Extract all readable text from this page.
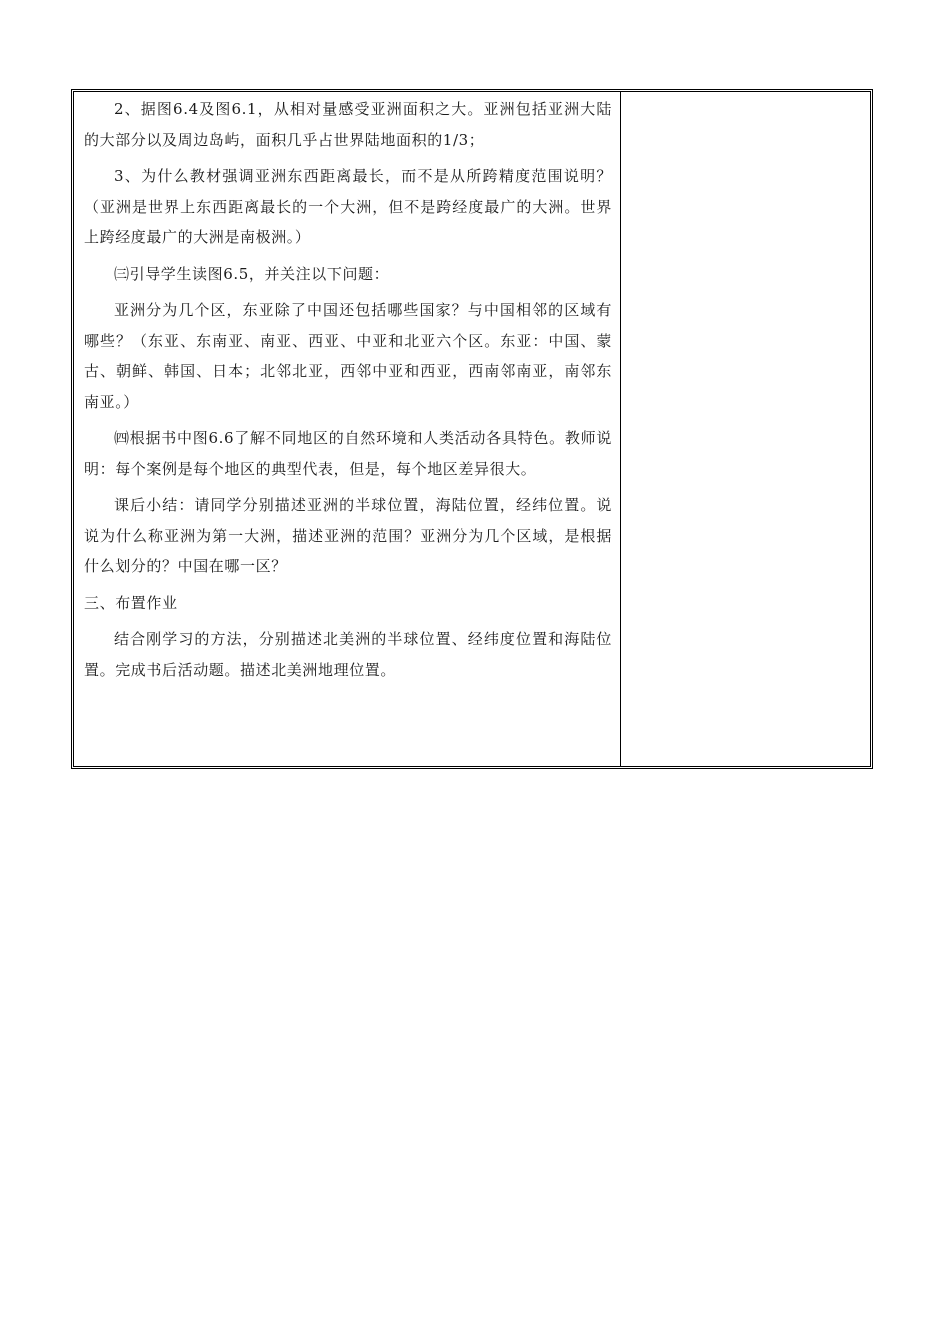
2、据图6.4及图6.1，从相对量感受亚洲面积之大。亚洲包括亚洲大陆的大部分以及周边岛屿，面积几乎占世界陆地面积的1/3；

3、为什么教材强调亚洲东西距离最长，而不是从所跨精度范围说明？（亚洲是世界上东西距离最长的一个大洲，但不是跨经度最广的大洲。世界上跨经度最广的大洲是南极洲。）

㈢引导学生读图6.5，并关注以下问题：

亚洲分为几个区，东亚除了中国还包括哪些国家？与中国相邻的区域有哪些？（东亚、东南亚、南亚、西亚、中亚和北亚六个区。东亚：中国、蒙古、朝鲜、韩国、日本；北邻北亚，西邻中亚和西亚，西南邻南亚，南邻东南亚。）

㈣根据书中图6.6了解不同地区的自然环境和人类活动各具特色。教师说明：每个案例是每个地区的典型代表，但是，每个地区差异很大。

课后小结：请同学分别描述亚洲的半球位置，海陆位置，经纬位置。说说为什么称亚洲为第一大洲，描述亚洲的范围？亚洲分为几个区域，是根据什么划分的？中国在哪一区？

三、布置作业

结合刚学习的方法，分别描述北美洲的半球位置、经纬度位置和海陆位置。完成书后活动题。描述北美洲地理位置。
